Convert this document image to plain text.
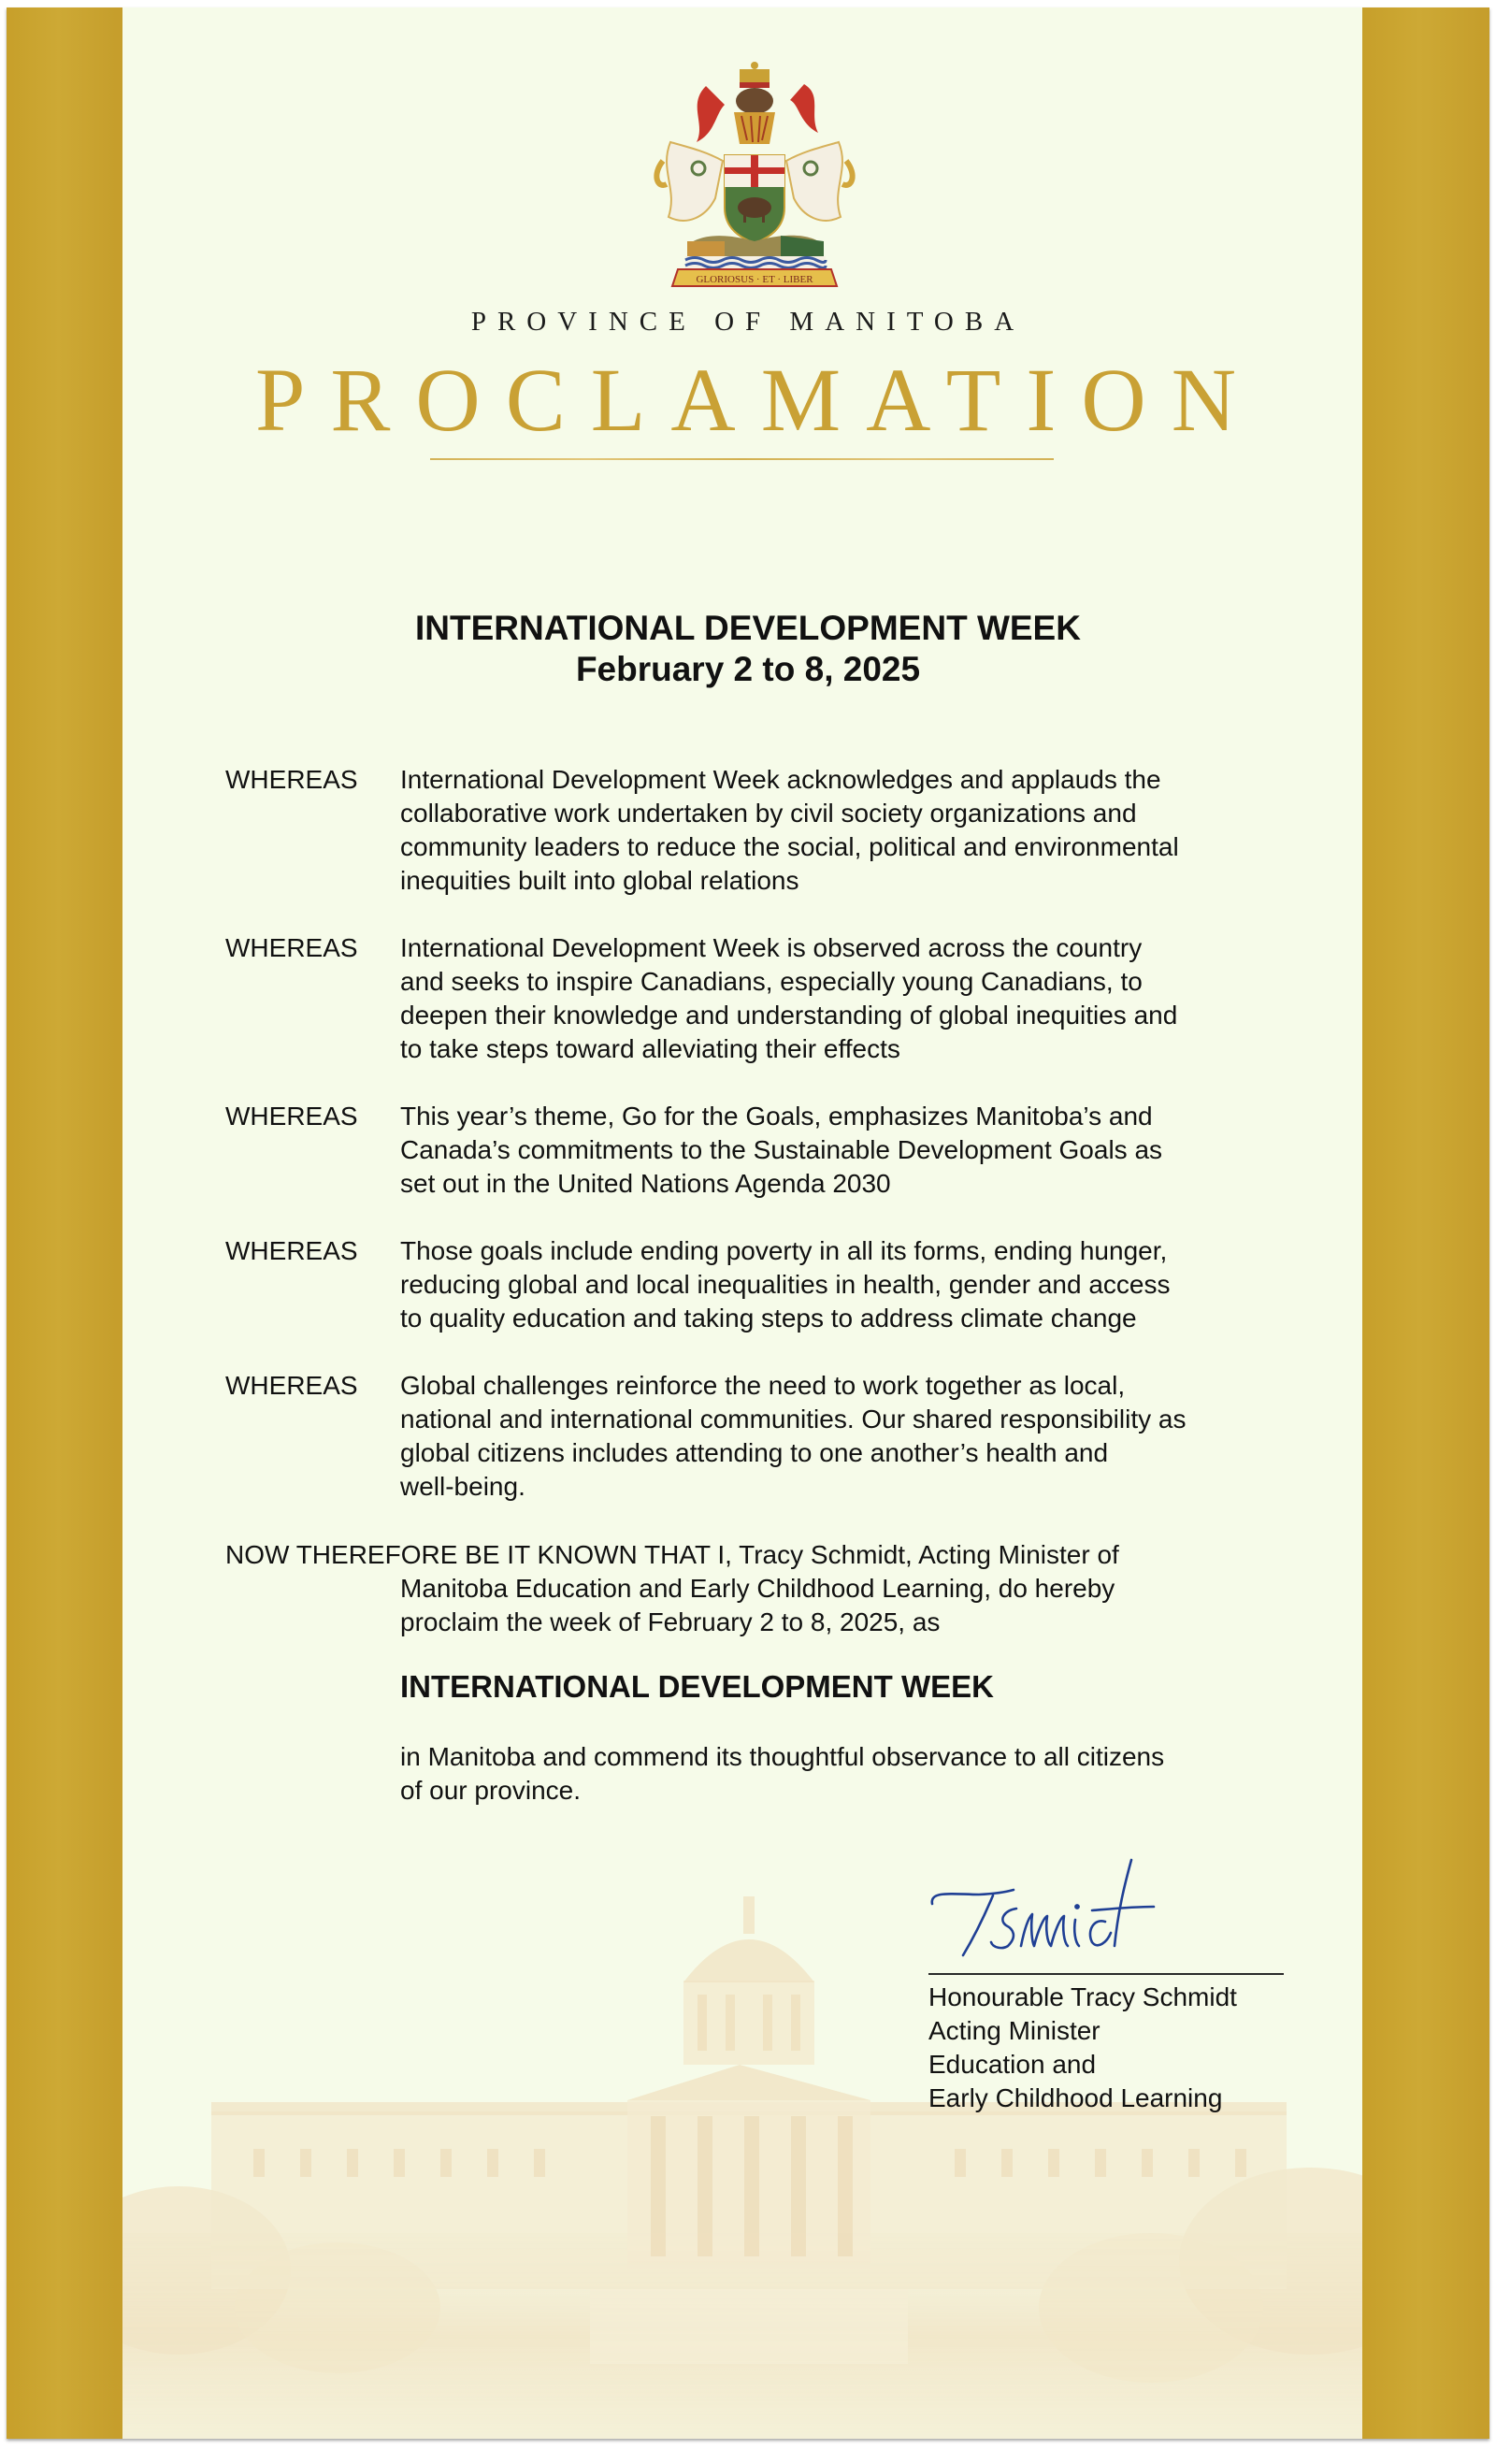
GLORIOSUS · ET · LIBER
PROVINCE OF MANITOBA
PROCLAMATION
INTERNATIONAL DEVELOPMENT WEEK
February 2 to 8, 2025
WHEREAS	International Development Week acknowledges and applauds the
collaborative work undertaken by civil society organizations and
community leaders to reduce the social, political and environmental
inequities built into global relations
WHEREAS	International Development Week is observed across the country
and seeks to inspire Canadians, especially young Canadians, to
deepen their knowledge and understanding of global inequities and
to take steps toward alleviating their effects
WHEREAS	This year’s theme, Go for the Goals, emphasizes Manitoba’s and
Canada’s commitments to the Sustainable Development Goals as
set out in the United Nations Agenda 2030
WHEREAS	Those goals include ending poverty in all its forms, ending hunger,
reducing global and local inequalities in health, gender and access
to quality education and taking steps to address climate change
WHEREAS	Global challenges reinforce the need to work together as local,
national and international communities. Our shared responsibility as
global citizens includes attending to one another’s health and
well-being.
NOW THEREFORE BE IT KNOWN THAT I, Tracy Schmidt, Acting Minister of
Manitoba Education and Early Childhood Learning, do hereby
proclaim the week of February 2 to 8, 2025, as
INTERNATIONAL DEVELOPMENT WEEK
in Manitoba and commend its thoughtful observance to all citizens
of our province.
Honourable Tracy Schmidt
Acting Minister
Education and
Early Childhood Learning
